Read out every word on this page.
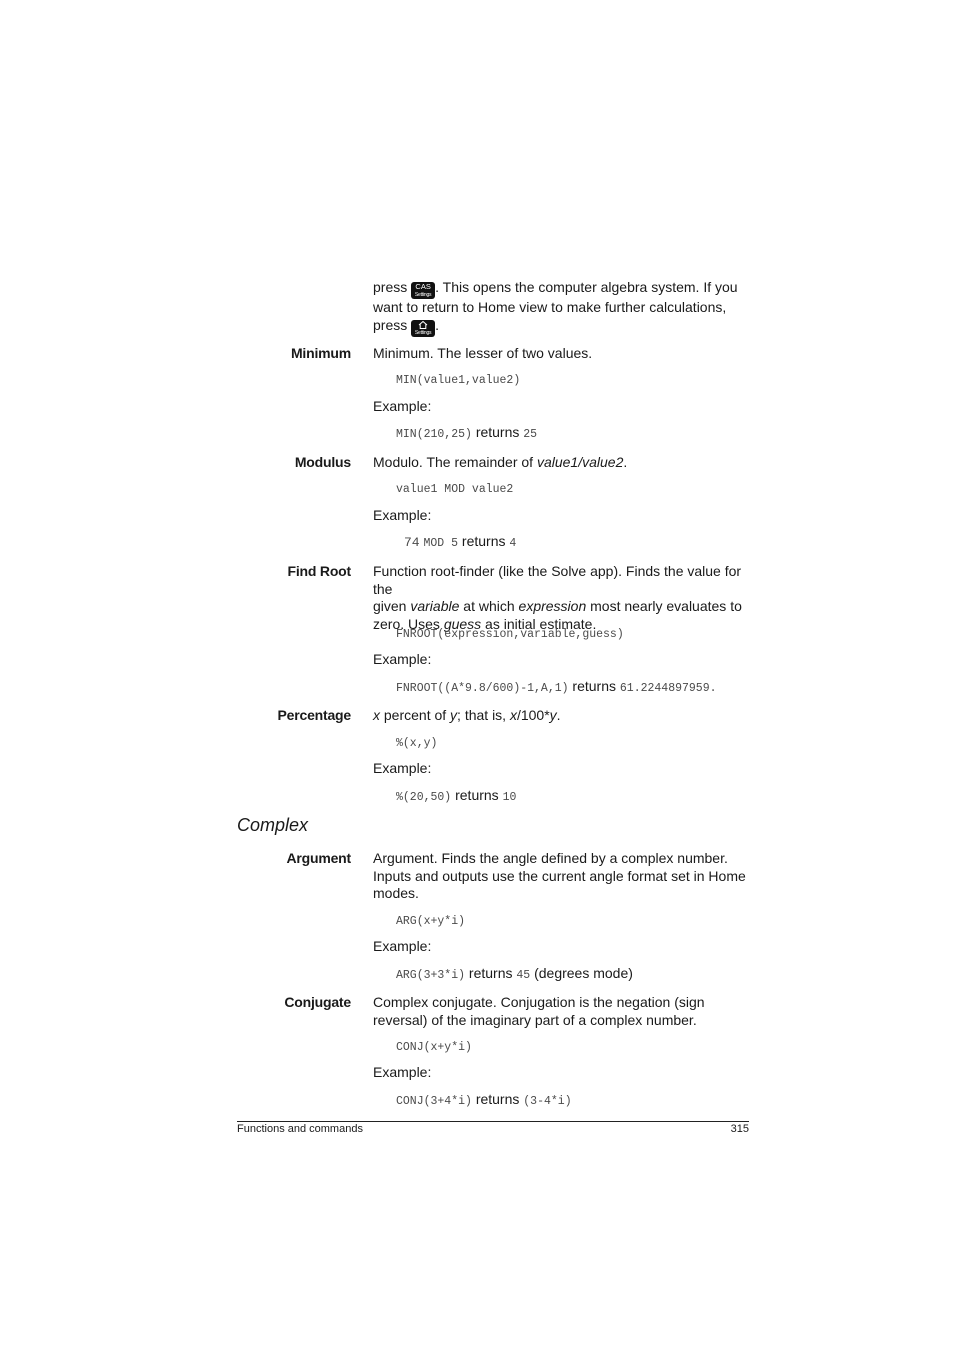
press	CAS
Settings . This opens the computer algebra system. If you
want to return to Home view to make further calculations,
press	Settings .
Minimum Minimum. The lesser of two values.
MIN(value1,value2)
Example:
MIN(210,25) returns 25
Modulus Modulo. The remainder of value1/value2.
value1 MOD value2
Example:
74 MOD 5 returns 4
Find Root Function root-finder (like the Solve app). Finds the value for the
given variable at which expression most nearly evaluates to
zero. Uses guess as initial estimate.
FNROOT(expression,variable,guess)
Example:
FNROOT((A*9.8/600)-1,A,1) returns 61.2244897959.
Percentage x percent of y; that is, x/100*y.
%(x,y)
Example:
%(20,50) returns 10
Complex
Argument Argument. Finds the angle defined by a complex number.
Inputs and outputs use the current angle format set in Home
modes.
ARG(x+y*i)
Example:
ARG(3+3*i) returns 45 (degrees mode)
Conjugate Complex conjugate. Conjugation is the negation (sign
reversal) of the imaginary part of a complex number.
CONJ(x+y*i)
Example:
CONJ(3+4*i) returns (3-4*i)
Functions and commands	315
